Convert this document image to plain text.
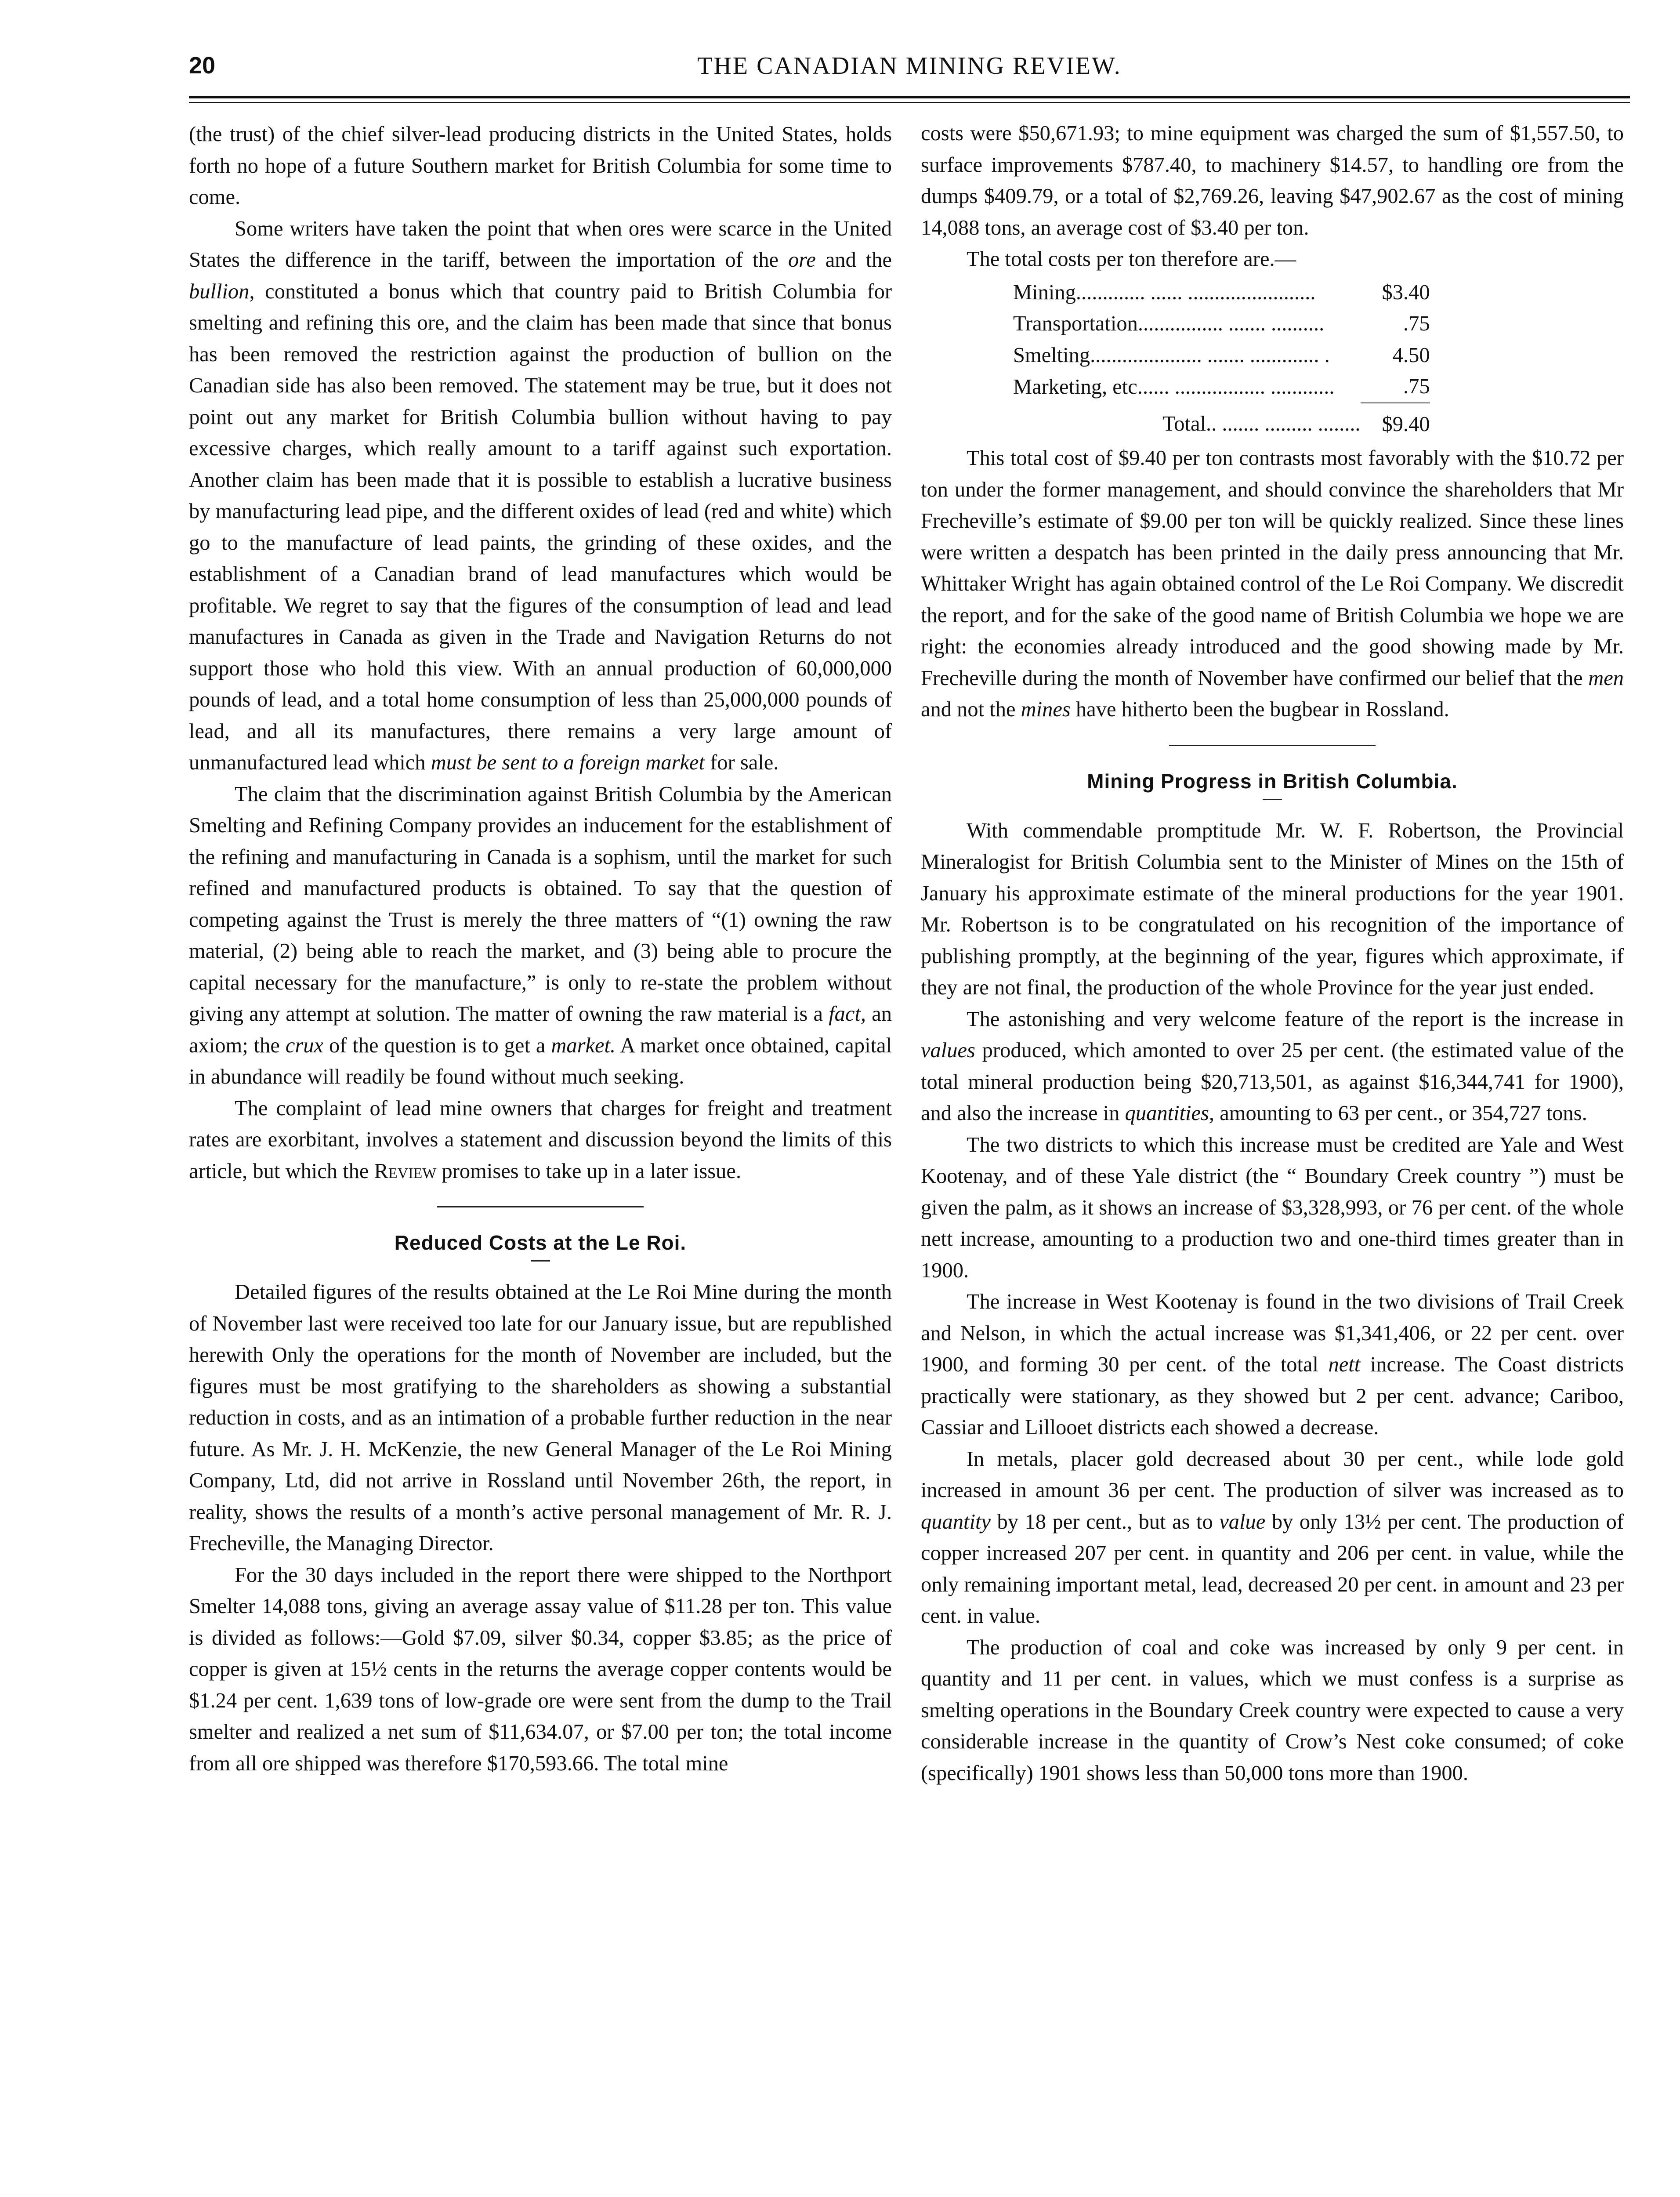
20	THE CANADIAN MINING REVIEW.

(the trust) of the chief silver-lead producing districts in the United States, holds forth no hope of a future Southern market for British Columbia for some time to come.

Some writers have taken the point that when ores were scarce in the United States the difference in the tariff, between the importation of the ore and the bullion, constituted a bonus which that country paid to British Columbia for smelting and refining this ore, and the claim has been made that since that bonus has been removed the restriction against the production of bullion on the Canadian side has also been removed. The statement may be true, but it does not point out any market for British Columbia bullion without having to pay excessive charges, which really amount to a tariff against such exportation. Another claim has been made that it is possible to establish a lucrative business by manufacturing lead pipe, and the different oxides of lead (red and white) which go to the manufacture of lead paints, the grinding of these oxides, and the establishment of a Canadian brand of lead manufactures which would be profitable. We regret to say that the figures of the consumption of lead and lead manufactures in Canada as given in the Trade and Navigation Returns do not support those who hold this view. With an annual production of 60,000,000 pounds of lead, and a total home consumption of less than 25,000,000 pounds of lead, and all its manufactures, there remains a very large amount of unmanufactured lead which must be sent to a foreign market for sale.

The claim that the discrimination against British Columbia by the American Smelting and Refining Company provides an inducement for the establishment of the refining and manufacturing in Canada is a sophism, until the market for such refined and manufactured products is obtained. To say that the question of competing against the Trust is merely the three matters of “(1) owning the raw material, (2) being able to reach the market, and (3) being able to procure the capital necessary for the manufacture,” is only to re-state the problem without giving any attempt at solution. The matter of owning the raw material is a fact, an axiom; the crux of the question is to get a market. A market once obtained, capital in abundance will readily be found without much seeking.

The complaint of lead mine owners that charges for freight and treatment rates are exorbitant, involves a statement and discussion beyond the limits of this article, but which the Review promises to take up in a later issue.

Reduced Costs at the Le Roi.

Detailed figures of the results obtained at the Le Roi Mine during the month of November last were received too late for our January issue, but are republished herewith Only the operations for the month of November are included, but the figures must be most gratifying to the shareholders as showing a substantial reduction in costs, and as an intimation of a probable further reduction in the near future. As Mr. J. H. McKenzie, the new General Manager of the Le Roi Mining Company, Ltd, did not arrive in Rossland until November 26th, the report, in reality, shows the results of a month’s active personal management of Mr. R. J. Frecheville, the Managing Director.

For the 30 days included in the report there were shipped to the Northport Smelter 14,088 tons, giving an average assay value of $11.28 per ton. This value is divided as follows:—Gold $7.09, silver $0.34, copper $3.85; as the price of copper is given at 15½ cents in the returns the average copper contents would be $1.24 per cent. 1,639 tons of low-grade ore were sent from the dump to the Trail smelter and realized a net sum of $11,634.07, or $7.00 per ton; the total income from all ore shipped was therefore $170,593.66. The total mine

costs were $50,671.93; to mine equipment was charged the sum of $1,557.50, to surface improvements $787.40, to machinery $14.57, to handling ore from the dumps $409.79, or a total of $2,769.26, leaving $47,902.67 as the cost of mining 14,088 tons, an average cost of $3.40 per ton.

The total costs per ton therefore are.—

Mining............. ...... ........................	$3.40
Transportation................ ....... ..........	.75
Smelting..................... ....... ............. .	4.50
Marketing, etc...... ................. ............	.75
Total.. ....... ......... ........	$9.40

This total cost of $9.40 per ton contrasts most favorably with the $10.72 per ton under the former management, and should convince the shareholders that Mr Frecheville’s estimate of $9.00 per ton will be quickly realized. Since these lines were written a despatch has been printed in the daily press announcing that Mr. Whittaker Wright has again obtained control of the Le Roi Company. We discredit the report, and for the sake of the good name of British Columbia we hope we are right: the economies already introduced and the good showing made by Mr. Frecheville during the month of November have confirmed our belief that the men and not the mines have hitherto been the bugbear in Rossland.

Mining Progress in British Columbia.

With commendable promptitude Mr. W. F. Robertson, the Provincial Mineralogist for British Columbia sent to the Minister of Mines on the 15th of January his approximate estimate of the mineral productions for the year 1901. Mr. Robertson is to be congratulated on his recognition of the importance of publishing promptly, at the beginning of the year, figures which approximate, if they are not final, the production of the whole Province for the year just ended.

The astonishing and very welcome feature of the report is the increase in values produced, which amonted to over 25 per cent. (the estimated value of the total mineral production being $20,713,501, as against $16,344,741 for 1900), and also the increase in quantities, amounting to 63 per cent., or 354,727 tons.

The two districts to which this increase must be credited are Yale and West Kootenay, and of these Yale district (the “ Boundary Creek country ”) must be given the palm, as it shows an increase of $3,328,993, or 76 per cent. of the whole nett increase, amounting to a production two and one-third times greater than in 1900.

The increase in West Kootenay is found in the two divisions of Trail Creek and Nelson, in which the actual increase was $1,341,406, or 22 per cent. over 1900, and forming 30 per cent. of the total nett increase. The Coast districts practically were stationary, as they showed but 2 per cent. advance; Cariboo, Cassiar and Lillooet districts each showed a decrease.

In metals, placer gold decreased about 30 per cent., while lode gold increased in amount 36 per cent. The production of silver was increased as to quantity by 18 per cent., but as to value by only 13½ per cent. The production of copper increased 207 per cent. in quantity and 206 per cent. in value, while the only remaining important metal, lead, decreased 20 per cent. in amount and 23 per cent. in value.

The production of coal and coke was increased by only 9 per cent. in quantity and 11 per cent. in values, which we must confess is a surprise as smelting operations in the Boundary Creek country were expected to cause a very considerable increase in the quantity of Crow’s Nest coke consumed; of coke (specifically) 1901 shows less than 50,000 tons more than 1900.
